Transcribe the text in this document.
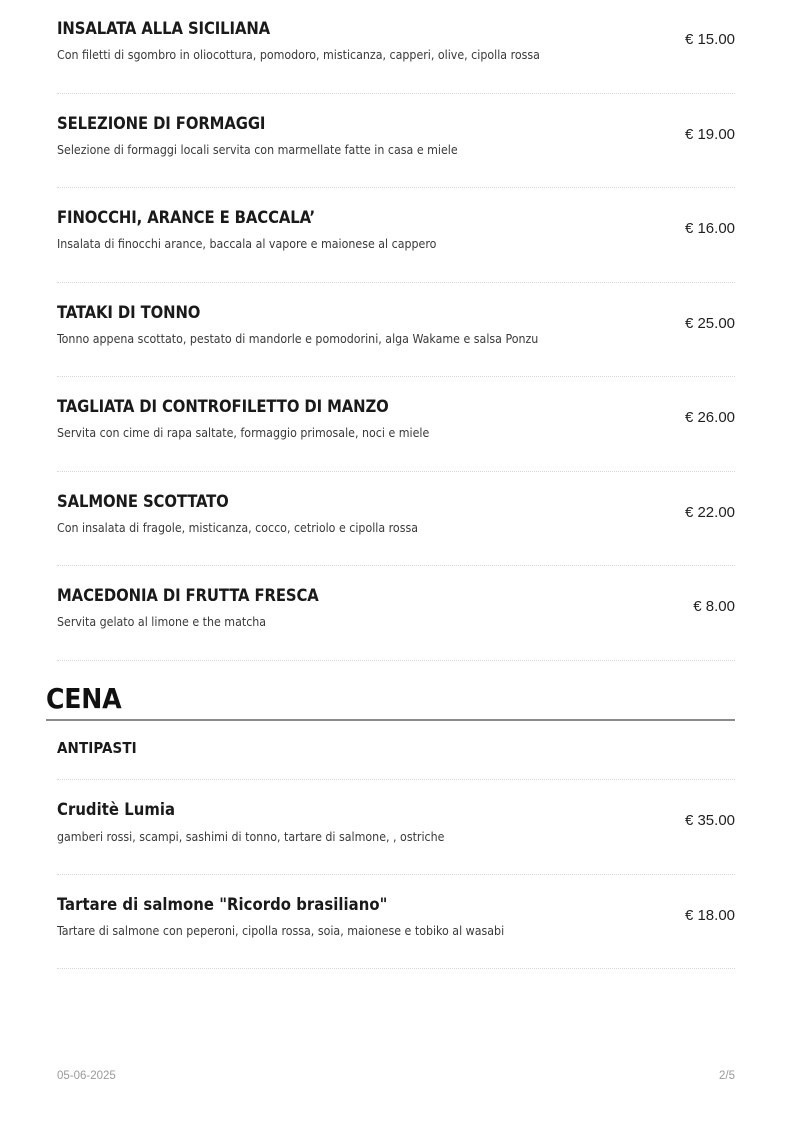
INSALATA ALLA SICILIANA
Con filetti di sgombro in oliocottura, pomodoro, misticanza, capperi, olive, cipolla rossa
€ 15.00
SELEZIONE DI FORMAGGI
Selezione di formaggi locali servita con marmellate fatte in casa e miele
€ 19.00
FINOCCHI, ARANCE E BACCALA’
Insalata di finocchi arance, baccala al vapore e maionese al cappero
€ 16.00
TATAKI DI TONNO
Tonno appena scottato, pestato di mandorle e pomodorini, alga Wakame e salsa Ponzu
€ 25.00
TAGLIATA DI CONTROFILETTO DI MANZO
Servita con cime di rapa saltate, formaggio primosale, noci e miele
€ 26.00
SALMONE SCOTTATO
Con insalata di fragole, misticanza, cocco, cetriolo e cipolla rossa
€ 22.00
MACEDONIA DI FRUTTA FRESCA
Servita gelato al limone e the matcha
€ 8.00
CENA
ANTIPASTI
Cruditè Lumia
gamberi rossi, scampi, sashimi di tonno, tartare di salmone, , ostriche
€ 35.00
Tartare di salmone "Ricordo brasiliano"
Tartare di salmone con peperoni, cipolla rossa, soia, maionese e tobiko al wasabi
€ 18.00
05-06-2025	2/5
